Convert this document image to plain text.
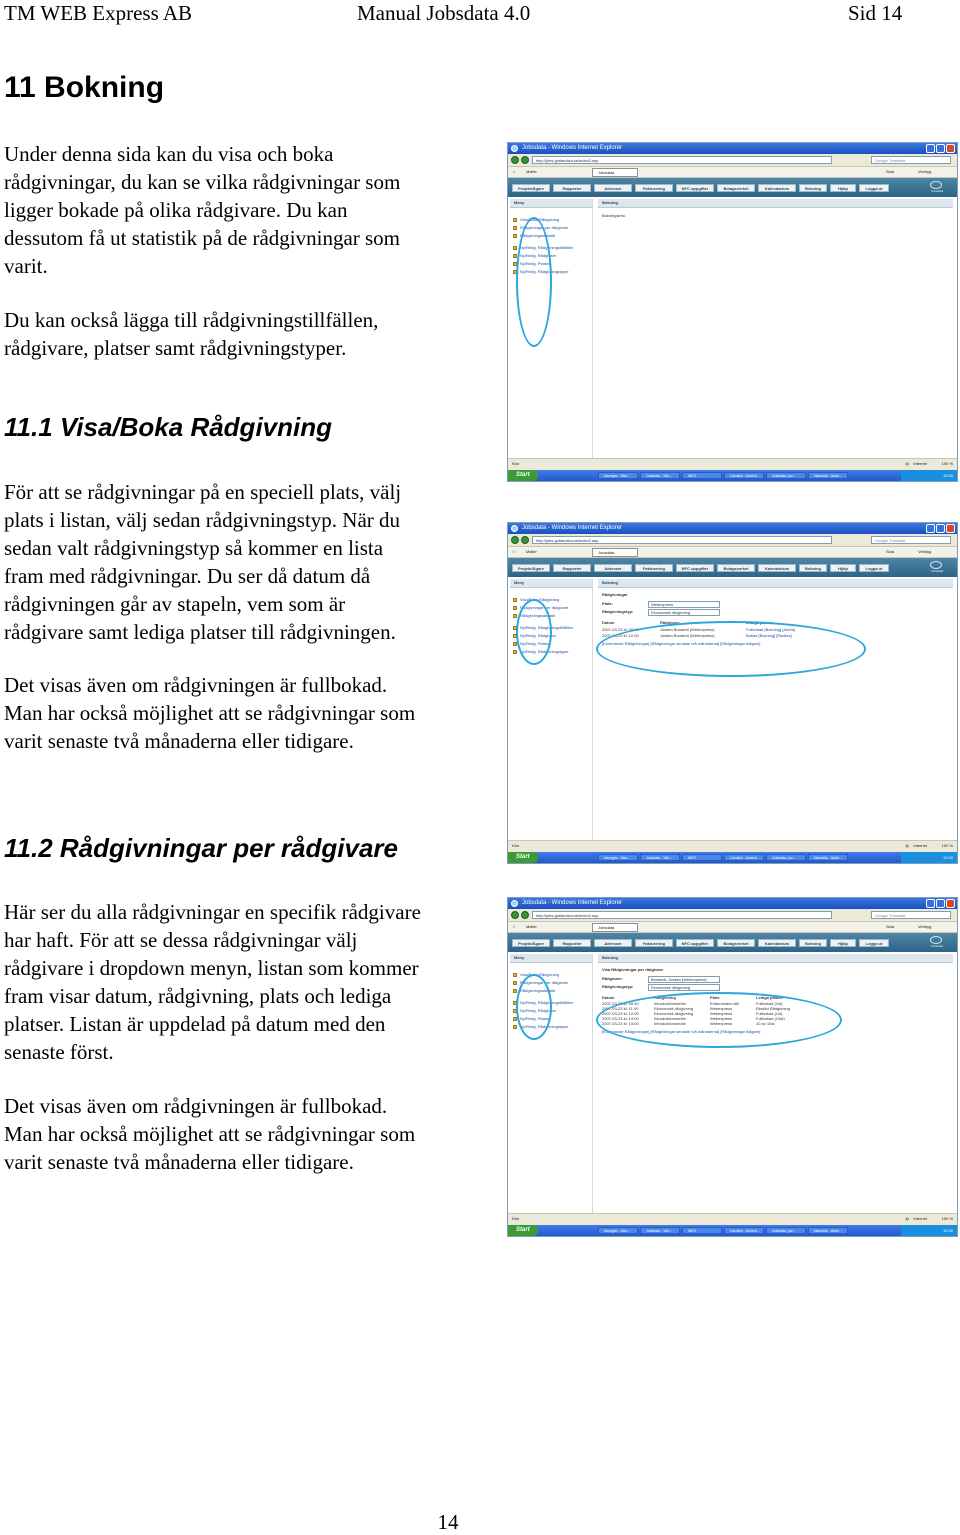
TM WEB Express AB	Manual Jobsdata 4.0	Sid 14
11 Bokning
Under denna sida kan du visa och boka
rådgivningar, du kan se vilka rådgivningar som
ligger bokade på olika rådgivare. Du kan
dessutom få ut statistik på de rådgivningar som
varit.
Du kan också lägga till rådgivningstillfällen,
rådgivare, platser samt rådgivningstyper.
11.1 Visa/Boka Rådgivning
För att se rådgivningar på en speciell plats, välj
plats i listan, välj sedan rådgivningstyp. När du
sedan valt rådgivningstyp så kommer en lista
fram med rådgivningar. Du ser då datum då
rådgivningen går av stapeln, vem som är
rådgivare samt lediga platser till rådgivningen.
Det visas även om rådgivningen är fullbokad.
Man har också möjlighet att se rådgivningar som
varit senaste två månaderna eller tidigare.
11.2 Rådgivningar per rådgivare
Här ser du alla rådgivningar en specifik rådgivare
har haft. För att se dessa rådgivningar välj
rådgivare i dropdown menyn, listan som kommer
fram visar datum, rådgivning, plats och lediga
platser. Listan är uppdelad på datum med den
senaste först.
Det visas även om rådgivningen är fullbokad.
Man har också möjlighet att se rådgivningar som
varit senaste två månaderna eller tidigare.
Jobsdata - Windows Internet Explorer
http://jobs.gotlandica.se/index2.asp	Google Translate
☆	Mailer	Jobsdata	Sida	Verktyg
Projekt/Ägare	Rapporter	Adresser	Fakturering	NFC uppgifter	Bolagsverket	Kalendarium	Bokning	Hjälp	Logga ut	Jobsdata
Meny
Visa/Boka Rådgivning
Rådgivningar per rådgivare
Rådgivningsstatistik
Ny/Redg. Rådgivningstillfällen
Ny/Redg. Rådgivare
Ny/Redg. Platser
Ny/Redg. Rådgivningstyper
Bokning
Bokningsinfo.
Klar	◍ Internet	100 %
Start	Inkorgen - Micr...	Jobsdata - Win...	INFO	Caroline - Anteck...	Jobsdata_scr...	Namnlös - Anter...	15:30
Jobsdata - Windows Internet Explorer
http://jobs.gotlandica.se/index2.asp	Google Translate
☆	Mailer	Jobsdata	Sida	Verktyg
Projekt/Ägare	Rapporter	Adresser	Fakturering	NFC uppgifter	Bolagsverket	Kalendarium	Bokning	Hjälp	Logga ut	Jobsdata
Meny
Visa/Boka Rådgivning
Rådgivningar per rådgivare
Rådgivningsstatistik
Ny/Redg. Rådgivningstillfällen
Ny/Redg. Rådgivare
Ny/Redg. Platser
Ny/Redg. Rådgivningstyper
Bokning
Rådgivningar
Plats:	Webexpress
Rådgivningstyp:	Ekonomisk rådgivning
Datum	Rådgivare	Lediga platser
2007-03-23 kl: 09:30	Joakim Brostedt (Webexpress)	Fullbokad [Bokning] [Andra]
2007-03-23 kl: 12:00	Joakim Brostedt (Webexpress)	Bokad [Bokning] [Radera]
[Kommande Rådgivningar] [Rådgivningar senaste två månaderna] [Rådgivningar tidigare]
Klar	◍ Internet	100 %
Start	Inkorgen - Micr...	Jobsdata - Win...	INFO	Caroline - Anteck...	Jobsdata_scr...	Namnlös - Anter...	15:30
Jobsdata - Windows Internet Explorer
http://jobs.gotlandica.se/index2.asp	Google Translate
☆	Mailer	Jobsdata	Sida	Verktyg
Projekt/Ägare	Rapporter	Adresser	Fakturering	NFC uppgifter	Bolagsverket	Kalendarium	Bokning	Hjälp	Logga ut	Jobsdata
Meny
Visa/Boka Rådgivning
Rådgivningar per rådgivare
Rådgivningsstatistik
Ny/Redg. Rådgivningstillfällen
Ny/Redg. Rådgivare
Ny/Redg. Platser
Ny/Redg. Rådgivningstyper
Bokning
Visa Rådgivningar per rådgivare
Rådgivare:	Brostedt, Joakim (Webexpress)
Rådgivningstyp:	Ekonomisk rådgivning
Datum	Rådgivning	Plats	Lediga platser
2007-03-23 kl: 09:30	Introduktionsmöte	Enfarmhalen AB	Fullbokad (1st)
2007-03-23 kl: 11:00	Ekonomisk rådgivning	Webexpress	Ekskild Rådgivning
2007-03-23 kl: 12:00	Ekonomisk rådgivning	Webexpress	Fullbokad (1st)
2007-03-23 kl: 14:00	Introduktionsmöte	Webexpress	Fullbokad (10st)
2007-03-23 kl: 15:00	Introduktionsmöte	Webexpress	10 av 10st
[Kommande Rådgivningar] [Rådgivningar senaste två månaderna] [Rådgivningar tidigare]
Klar	◍ Internet	100 %
Start	Inkorgen - Micr...	Jobsdata - Win...	INFO	Caroline - Anteck...	Jobsdata_scr...	Namnlös - Anter...	15:30
14
